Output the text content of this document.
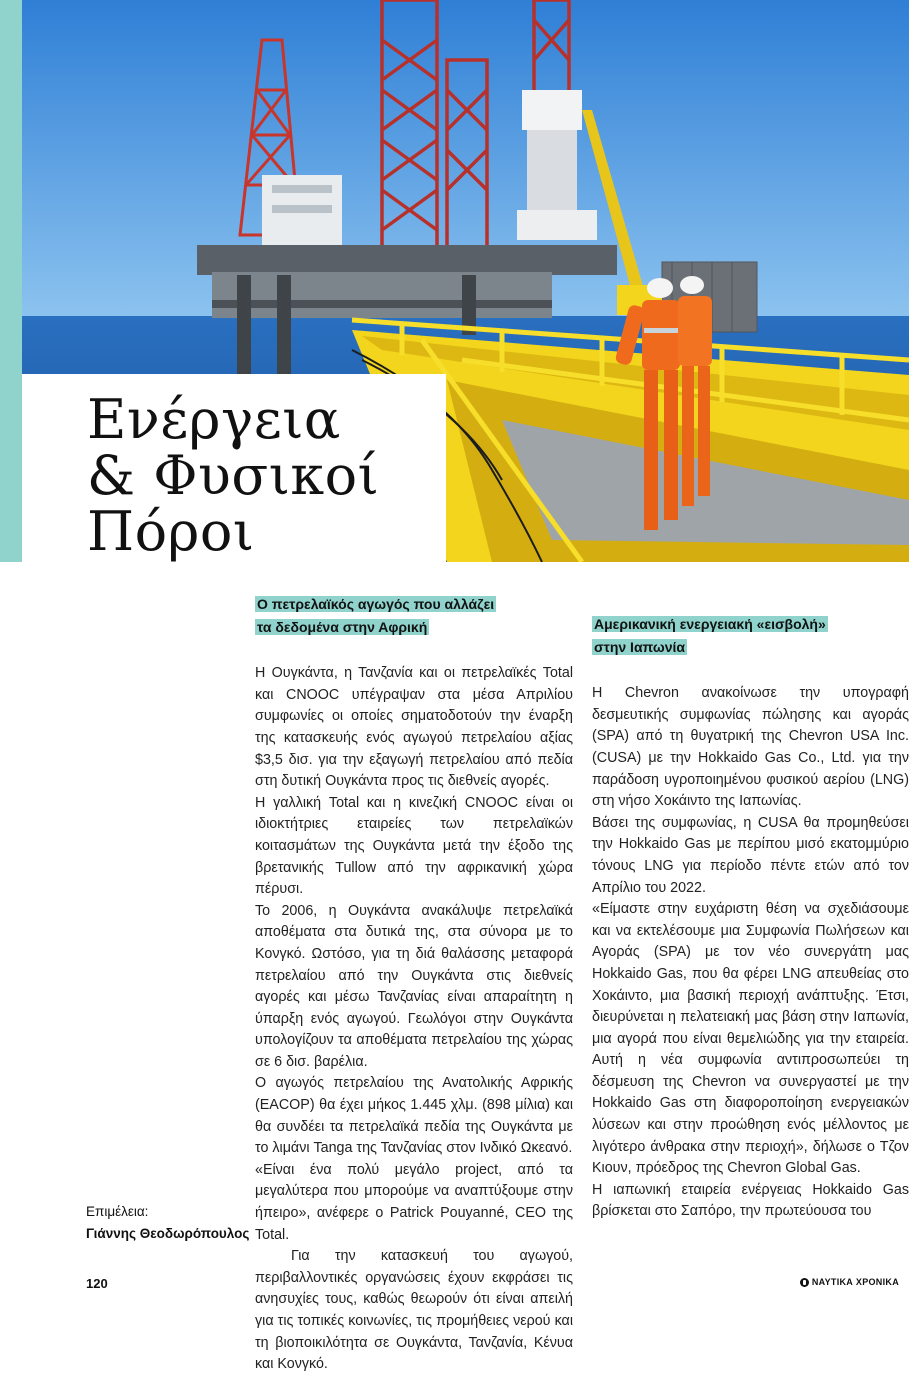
Ενέργεια
& Φυσικοί
Πόροι
Ο πετρελαϊκός αγωγός που αλλάζει
τα δεδομένα στην Αφρική

Η Ουγκάντα, η Τανζανία και οι πετρελαϊκές Total και CNOOC υπέγραψαν στα μέσα Απριλίου συμφωνίες οι οποίες σηματοδοτούν την έναρξη της κατασκευής ενός αγωγού πετρελαίου αξίας $3,5 δισ. για την εξαγωγή πετρελαίου από πεδία στη δυτική Ουγκάντα προς τις διεθνείς αγορές.

Η γαλλική Total και η κινεζική CNOOC είναι οι ιδιοκτήτριες εταιρείες των πετρελαϊκών κοιτασμάτων της Ουγκάντα μετά την έξοδο της βρετανικής Tullow από την αφρικανική χώρα πέρυσι.

Το 2006, η Ουγκάντα ανακάλυψε πετρελαϊκά αποθέματα στα δυτικά της, στα σύνορα με το Κονγκό. Ωστόσο, για τη διά θαλάσσης μεταφορά πετρελαίου από την Ουγκάντα στις διεθνείς αγορές και μέσω Τανζανίας είναι απαραίτητη η ύπαρξη ενός αγωγού. Γεωλόγοι στην Ουγκάντα υπολογίζουν τα αποθέματα πετρελαίου της χώρας σε 6 δισ. βαρέλια.

Ο αγωγός πετρελαίου της Ανατολικής Αφρικής (EACOP) θα έχει μήκος 1.445 χλμ. (898 μίλια) και θα συνδέει τα πετρελαϊκά πεδία της Ουγκάντα με το λιμάνι Tanga της Τανζανίας στον Ινδικό Ωκεανό.

«Είναι ένα πολύ μεγάλο project, από τα μεγαλύτερα που μπορούμε να αναπτύξουμε στην ήπειρο», ανέφερε ο Patrick Pouyanné, CEO της Total.

Για την κατασκευή του αγωγού, περιβαλλοντικές οργανώσεις έχουν εκφράσει τις ανησυχίες τους, καθώς θεωρούν ότι είναι απειλή για τις τοπικές κοινωνίες, τις προμήθειες νερού και τη βιοποικιλότητα σε Ουγκάντα, Τανζανία, Κένυα και Κονγκό.

Αμερικανική ενεργειακή «εισβολή»
στην Ιαπωνία

Η Chevron ανακοίνωσε την υπογραφή δεσμευτικής συμφωνίας πώλησης και αγοράς (SPA) από τη θυγατρική της Chevron USA Inc. (CUSA) με την Hokkaido Gas Co., Ltd. για την παράδοση υγροποιημένου φυσικού αερίου (LNG) στη νήσο Χοκάιντο της Ιαπωνίας.

Βάσει της συμφωνίας, η CUSA θα προμηθεύσει την Hokkaido Gas με περίπου μισό εκατομμύριο τόνους LNG για περίοδο πέντε ετών από τον Απρίλιο του 2022.

«Είμαστε στην ευχάριστη θέση να σχεδιάσουμε και να εκτελέσουμε μια Συμφωνία Πωλήσεων και Αγοράς (SPA) με τον νέο συνεργάτη μας Hokkaido Gas, που θα φέρει LNG απευθείας στο Χοκάιντο, μια βασική περιοχή ανάπτυξης. Έτσι, διευρύνεται η πελατειακή μας βάση στην Ιαπωνία, μια αγορά που είναι θεμελιώδης για την εταιρεία. Αυτή η νέα συμφωνία αντιπροσωπεύει τη δέσμευση της Chevron να συνεργαστεί με την Hokkaido Gas στη διαφοροποίηση ενεργειακών λύσεων και στην προώθηση ενός μέλλοντος με λιγότερο άνθρακα στην περιοχή», δήλωσε ο Τζον Κιουν, πρόεδρος της Chevron Global Gas.

Η ιαπωνική εταιρεία ενέργειας Hokkaido Gas βρίσκεται στο Σαπόρο, την πρωτεύουσα του

Επιμέλεια:
Γιάννης Θεοδωρόπουλος
120	ΝΑΥΤΙΚΑ ΧΡΟΝΙΚΑ
